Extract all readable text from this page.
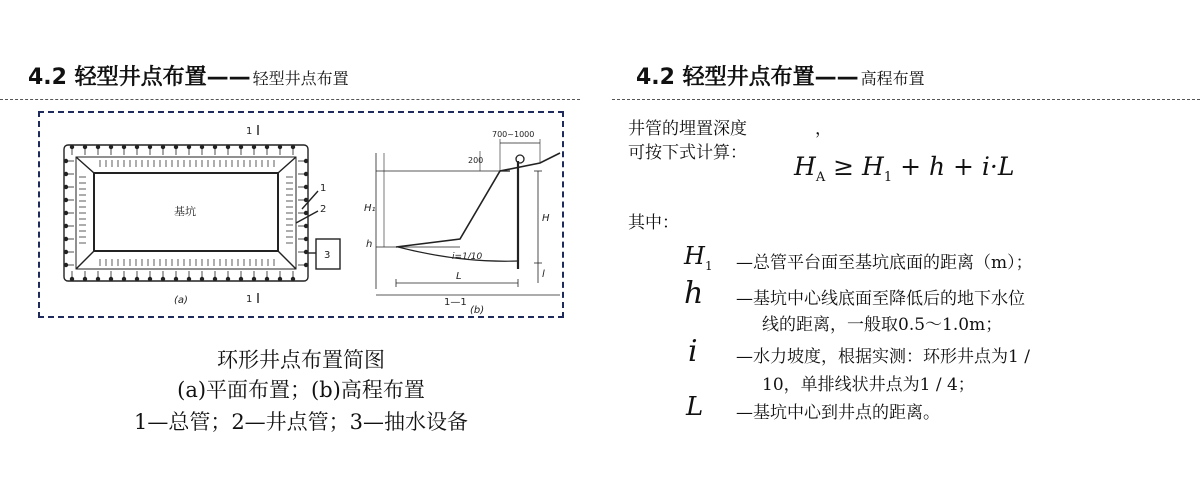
4.2 轻型井点布置—— 轻型井点布置	4.2 轻型井点布置—— 高程布置
基坑
1
1
1
2
3
(a)
(b)
1—1
700~1000
200
H₁
h
H
i=1/10
L	l
环形井点布置简图
(a)平面布置；(b)高程布置
1—总管；2—井点管；3—抽水设备
井管的埋置深度　　　　，
可按下式计算： $H_A \ge H_1 + h + i\cdot L$
其中：
$H_1$ —总管平台面至基坑底面的距离（m）；
h —基坑中心线底面至降低后的地下水位
线的距离，一般取0.5～1.0m；
i —水力坡度，根据实测：环形井点为1 /
10，单排线状井点为1 / 4；
L —基坑中心到井点的距离。
